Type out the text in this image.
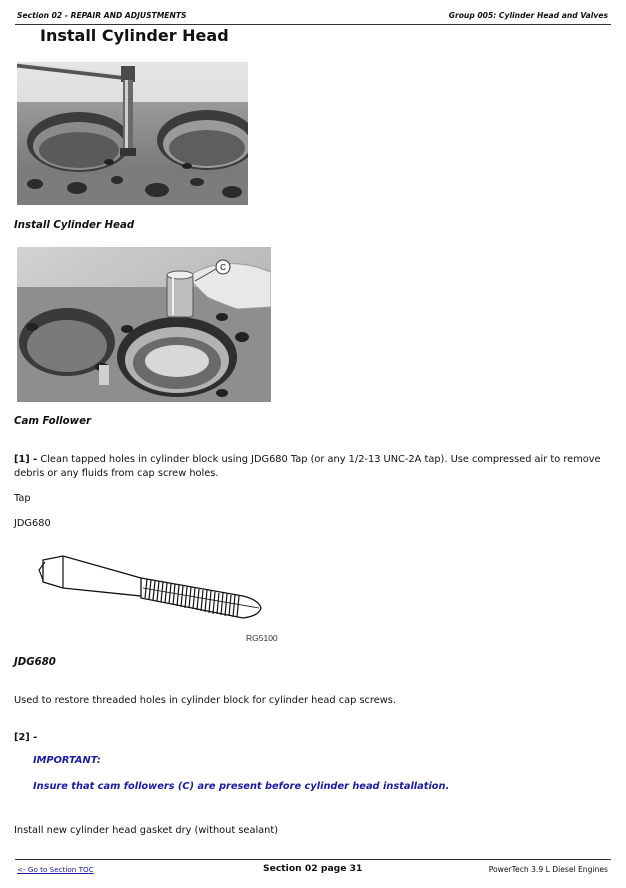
Section 02 - REPAIR AND ADJUSTMENTS	Group 005: Cylinder Head and Valves
Install Cylinder Head
Install Cylinder Head
C
Cam Follower
[1] - Clean tapped holes in cylinder block using JDG680 Tap (or any 1/2-13 UNC-2A tap). Use compressed air to remove debris or any fluids from cap screw holes.
Tap
JDG680
RG5100
JDG680
Used to restore threaded holes in cylinder block for cylinder head cap screws.
[2] -
IMPORTANT:
Insure that cam followers (C) are present before cylinder head installation.
Install new cylinder head gasket dry (without sealant)
<- Go to Section TOC	Section 02 page 31	PowerTech 3.9 L Diesel Engines
